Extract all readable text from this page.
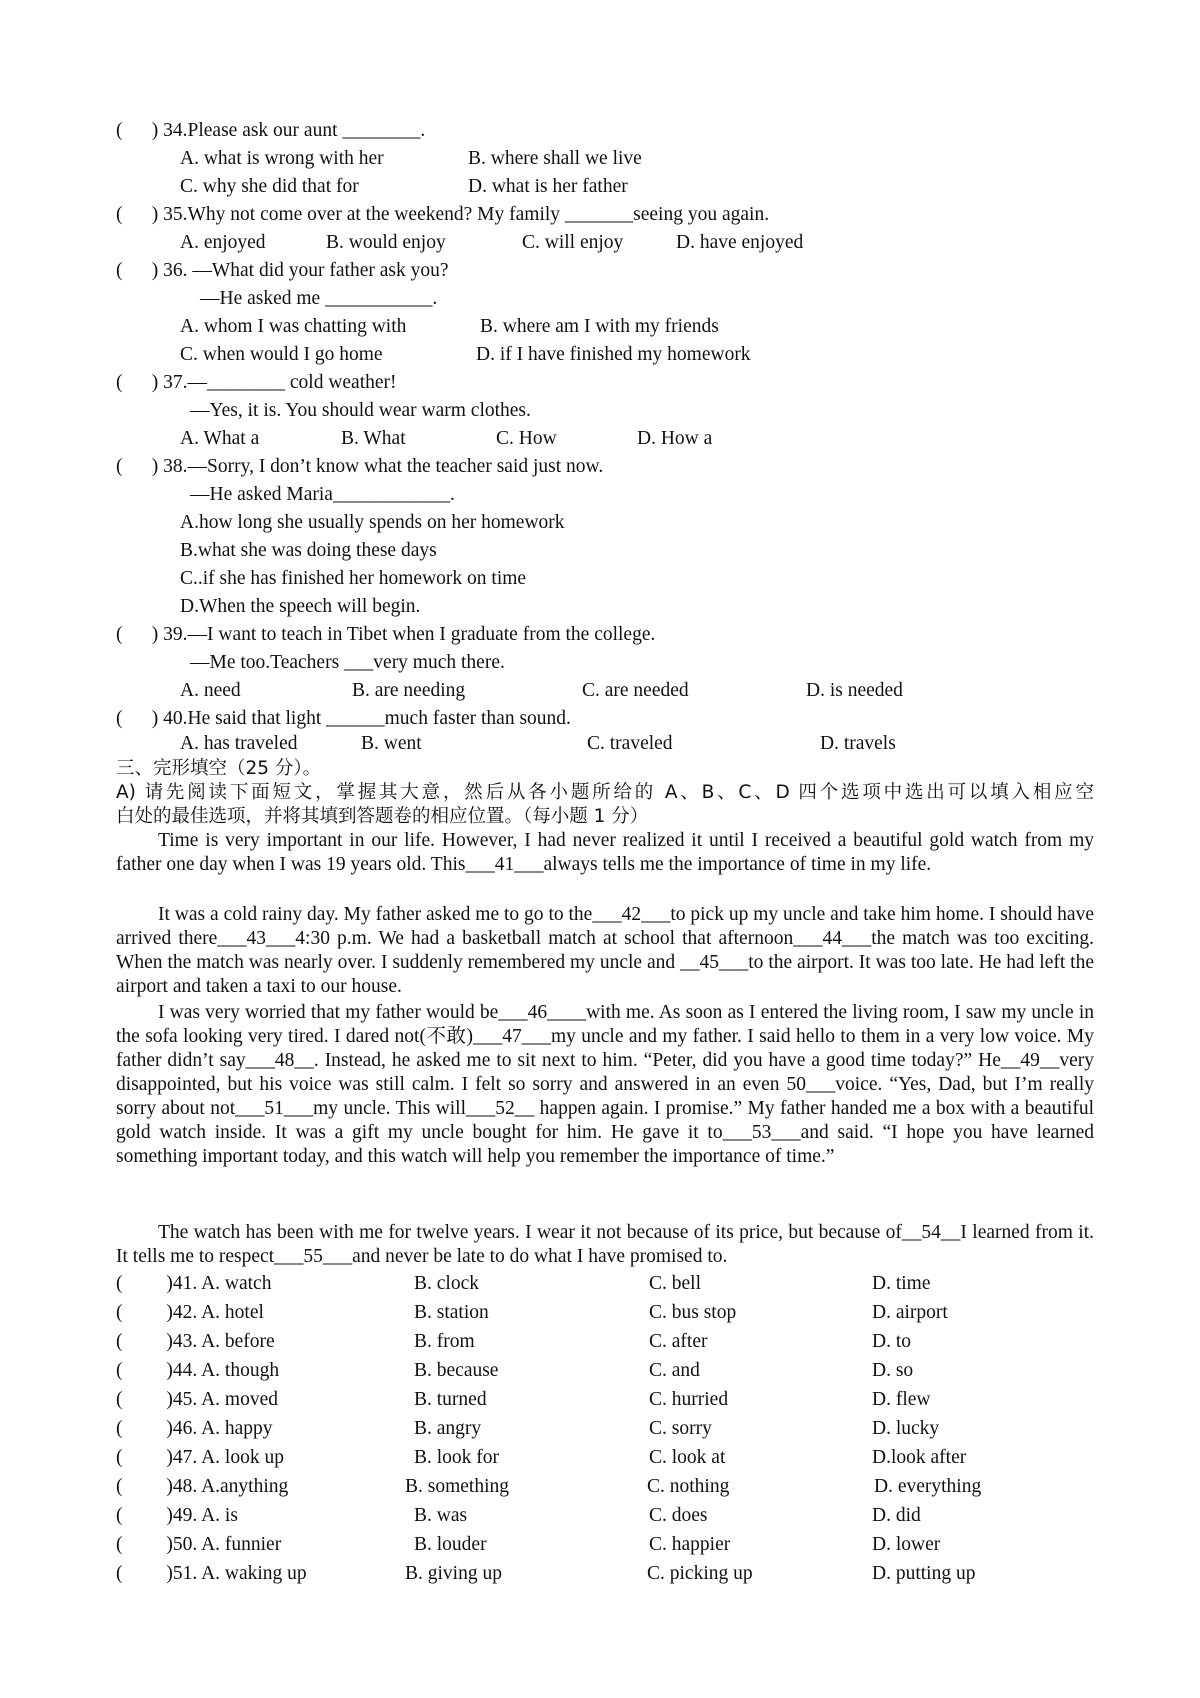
(      ) 34.Please ask our aunt ________.
A. what is wrong with her	B. where shall we live
C. why she did that for	D. what is her father
(      ) 35.Why not come over at the weekend? My family _______seeing you again.
A. enjoyed	B. would enjoy	C. will enjoy	D. have enjoyed
(      ) 36. —What did your father ask you?
—He asked me ___________.
A. whom I was chatting with	B. where am I with my friends
C. when would I go home	D. if I have finished my homework
(      ) 37.—________ cold weather!
—Yes, it is. You should wear warm clothes.
A. What a	B. What	C. How	D. How a
(      ) 38.—Sorry, I don’t know what the teacher said just now.
—He asked Maria____________.
A.how long she usually spends on her homework
B.what she was doing these days
C..if she has finished her homework on time
D.When the speech will begin.
(      ) 39.—I want to teach in Tibet when I graduate from the college.
—Me too.Teachers ___very much there.
A. need	B. are needing	C. are needed	D. is needed
(      ) 40.He said that light ______much faster than sound.
A. has traveled	B. went	C. traveled	D. travels
三、完形填空（25 分）。
A) 请先阅读下面短文，掌握其大意，然后从各小题所给的 A、B、C、D 四个选项中选出可以填入相应空
白处的最佳选项，并将其填到答题卷的相应位置。（每小题 1 分）
Time is very important in our life. However, I had never realized it until I received a beautiful gold watch from my father one day when I was 19 years old. This___41___always tells me the importance of time in my life.
It was a cold rainy day. My father asked me to go to the___42___to pick up my uncle and take him home. I should have arrived there___43___4:30 p.m. We had a basketball match at school that afternoon___44___the match was too exciting. When the match was nearly over. I suddenly remembered my uncle and __45___to the airport. It was too late. He had left the airport and taken a taxi to our house.
I was very worried that my father would be___46____with me. As soon as I entered the living room, I saw my uncle in the sofa looking very tired. I dared not(不敢)___47___my uncle and my father. I said hello to them in a very low voice. My father didn’t say___48__. Instead, he asked me to sit next to him. “Peter, did you have a good time today?” He__49__very disappointed, but his voice was still calm. I felt so sorry and answered in an even 50___voice. “Yes, Dad, but I’m really sorry about not___51___my uncle. This will___52__ happen again. I promise.” My father handed me a box with a beautiful gold watch inside. It was a gift my uncle bought for him. He gave it to___53___and said. “I hope you have learned something important today, and this watch will help you remember the importance of time.”
The watch has been with me for twelve years. I wear it not because of its price, but because of__54__I learned from it. It tells me to respect___55___and never be late to do what I have promised to.
(         )41. A. watch	B. clock	C. bell	D. time
(         )42. A. hotel	B. station	C. bus stop	D. airport
(         )43. A. before	B. from	C. after	D. to
(         )44. A. though	B. because	C. and	D. so
(         )45. A. moved	B. turned	C. hurried	D. flew
(         )46. A. happy	B. angry	C. sorry	D. lucky
(         )47. A. look up	B. look for	C. look at	D.look after
(         )48. A.anything	B. something	C. nothing	D. everything
(         )49. A. is	B. was	C. does	D. did
(         )50. A. funnier	B. louder	C. happier	D. lower
(         )51. A. waking up	B. giving up	C. picking up	D. putting up
